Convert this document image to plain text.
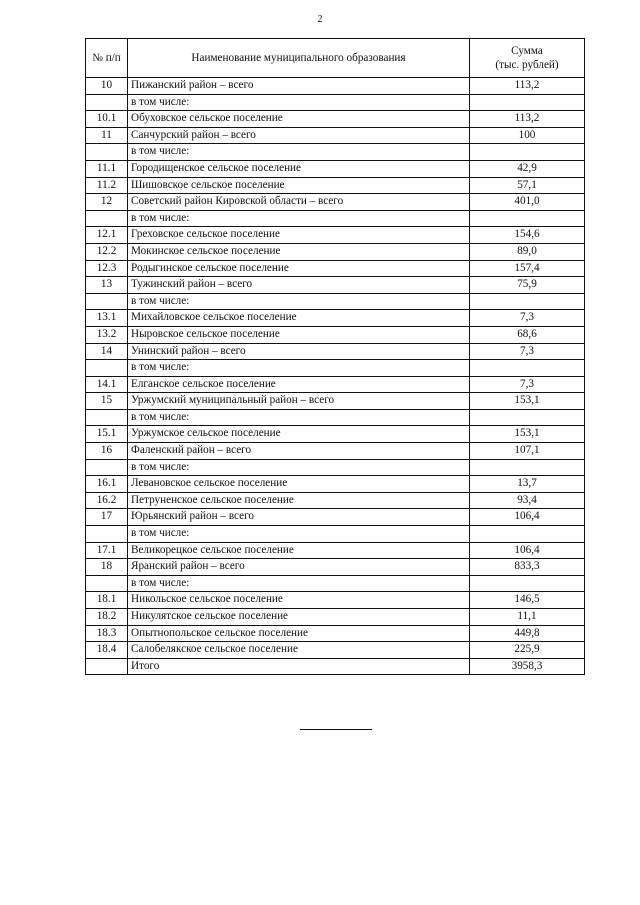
2
№ п/п	Наименование муниципального образования	Сумма
(тыс. рублей)

10	Пижанский район – всего	113,2
	в том числе:	
10.1	Обуховское сельское поселение	113,2
11	Санчурский район – всего	100
	в том числе:	
11.1	Городищенское сельское поселение	42,9
11.2	Шишовское сельское поселение	57,1
12	Советский район Кировской области – всего	401,0
	в том числе:	
12.1	Греховское сельское поселение	154,6
12.2	Мокинское сельское поселение	89,0
12.3	Родыгинское сельское поселение	157,4
13	Тужинский район – всего	75,9
	в том числе:	
13.1	Михайловское сельское поселение	7,3
13.2	Ныровское сельское поселение	68,6
14	Унинский район – всего	7,3
	в том числе:	
14.1	Елганское сельское поселение	7,3
15	Уржумский муниципальный район – всего	153,1
	в том числе:	
15.1	Уржумское сельское поселение	153,1
16	Фаленский район – всего	107,1
	в том числе:	
16.1	Левановское сельское поселение	13,7
16.2	Петруненское сельское поселение	93,4
17	Юрьянский район – всего	106,4
	в том числе:	
17.1	Великорецкое сельское поселение	106,4
18	Яранский район – всего	833,3
	в том числе:	
18.1	Никольское сельское поселение	146,5
18.2	Никулятское сельское поселение	11,1
18.3	Опытнопольское сельское поселение	449,8
18.4	Салобелякское сельское поселение	225,9
	Итого	3958,3
